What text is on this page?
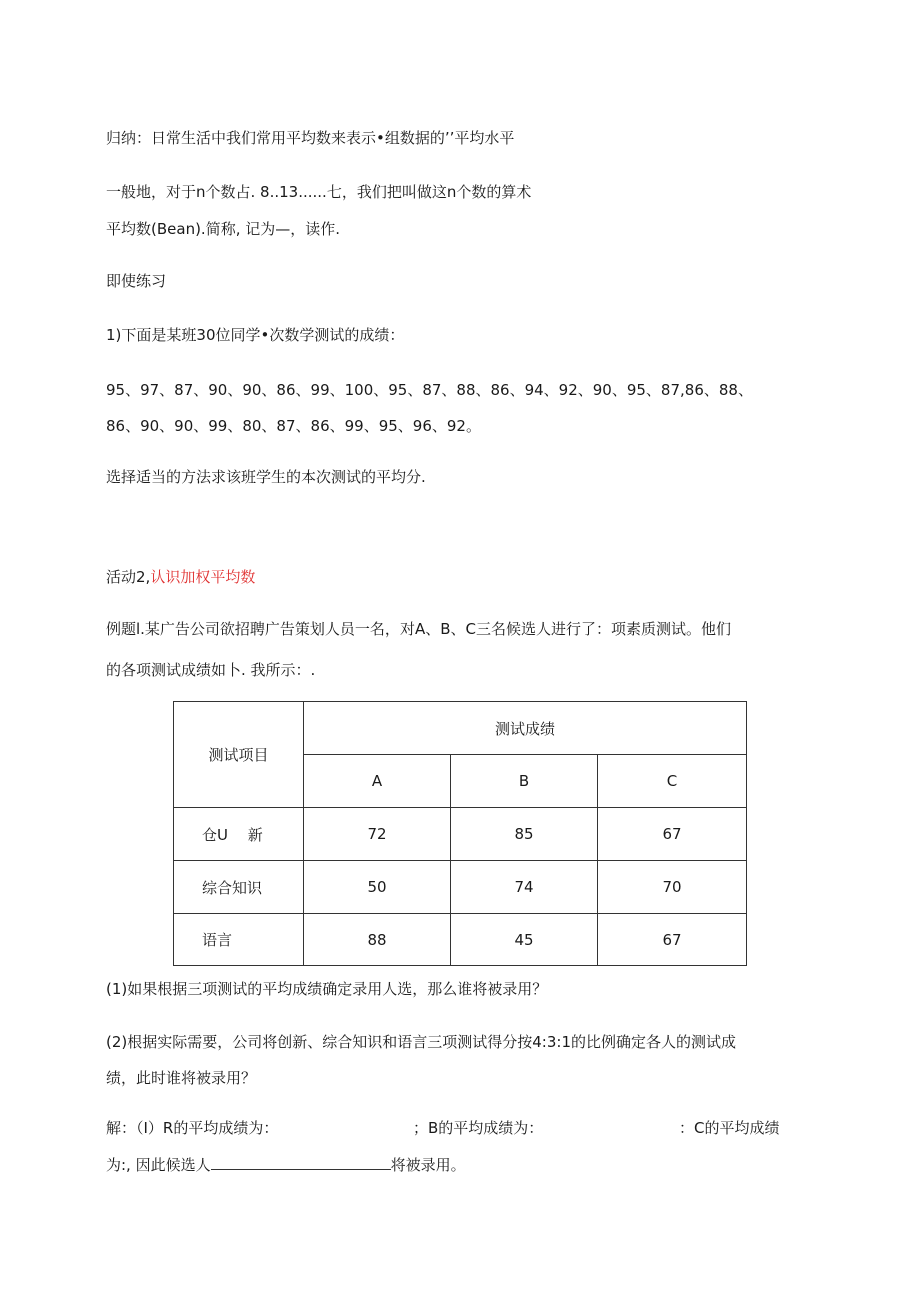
归纳：日常生活中我们常用平均数来表示•组数据的’’平均水平

一般地，对于n个数占. 8..13......七，我们把叫做这n个数的算术

平均数(Bean).简称, 记为—，读作.

即使练习

1)下面是某班30位同学•次数学测试的成绩：

95、97、87、90、90、86、99、100、95、87、88、86、94、92、90、95、87,86、88、

86、90、90、99、80、87、86、99、95、96、92。

选择适当的方法求该班学生的本次测试的平均分.

活动2,认识加权平均数

例题l.某广告公司欲招聘广告策划人员一名，对A、B、C三名候选人进行了：项素质测试。他们

的各项测试成绩如卜. 我所示：.

测试项目	测试成绩		
	A	B	C
仓U　 新	72	85	67
综合知识	50	74	70
语言	88	45	67

(1)如果根据三项测试的平均成绩确定录用人选，那么谁将被录用？

(2)根据实际需要，公司将创新、综合知识和语言三项测试得分按4:3:1的比例确定各人的测试成

绩，此时谁将被录用？

解：（I）R的平均成绩为：	；B的平均成绩为：	：C的平均成绩

为:, 因此候选人	将被录用。
